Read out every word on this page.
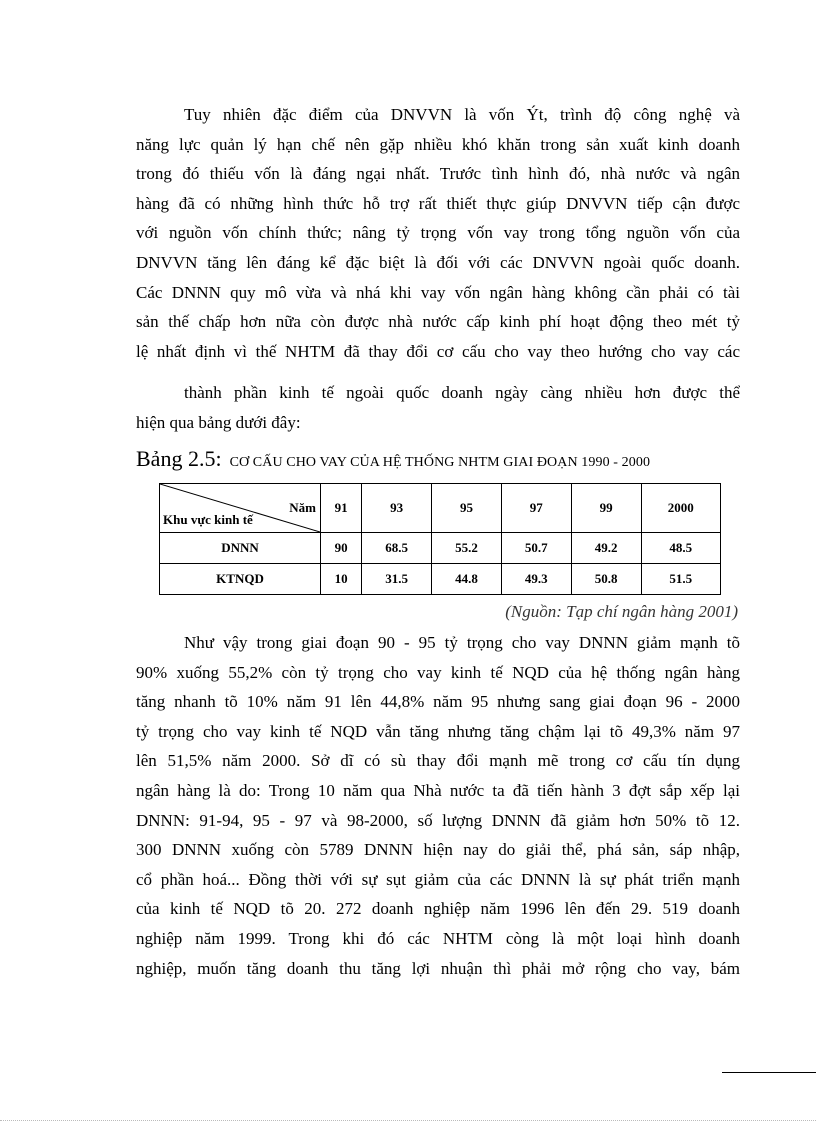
Tuy nhiên đặc điểm của DNVVN là vốn Ýt, trình độ công nghệ và
năng lực quản lý hạn chế nên gặp nhiều khó khăn trong sản xuất kinh doanh
trong đó thiếu vốn là đáng ngại nhất. Trước tình hình đó, nhà nước và ngân
hàng đã có những hình thức hỗ trợ rất thiết thực giúp DNVVN tiếp cận được
với nguồn vốn chính thức; nâng tỷ trọng vốn vay trong tổng nguồn vốn của
DNVVN tăng lên đáng kể đặc biệt là đối với các DNVVN ngoài quốc doanh.
Các DNNN quy mô vừa và nhá khi vay vốn ngân hàng không cần phải có tài
sản thế chấp hơn nữa còn được nhà nước cấp kinh phí hoạt động theo mét tỷ
lệ nhất định vì thế NHTM đã thay đổi cơ cấu cho vay theo hướng cho vay các
thành phần kinh tế ngoài quốc doanh ngày càng nhiều hơn được thể
hiện qua bảng dưới đây:
Bảng 2.5: CƠ CẤU CHO VAY CỦA HỆ THỐNG NHTM GIAI ĐOẠN 1990 - 2000
Năm
Khu vực kinh tế	91	93	95	97	99	2000
DNNN	90	68.5	55.2	50.7	49.2	48.5
KTNQD	10	31.5	44.8	49.3	50.8	51.5
(Nguồn: Tạp chí ngân hàng 2001)
Như vậy trong giai đoạn 90 - 95 tỷ trọng cho vay DNNN giảm mạnh tõ
90% xuống 55,2% còn tỷ trọng cho vay kinh tế NQD của hệ thống ngân hàng
tăng nhanh tõ 10% năm 91 lên 44,8% năm 95 nhưng sang giai đoạn 96 - 2000
tỷ trọng cho vay kinh tế NQD vẫn tăng nhưng tăng chậm lại tõ 49,3% năm 97
lên 51,5% năm 2000. Sở dĩ có sù thay đổi mạnh mẽ trong cơ cấu tín dụng
ngân hàng là do: Trong 10 năm qua Nhà nước ta đã tiến hành 3 đợt sắp xếp lại
DNNN: 91-94, 95 - 97 và 98-2000, số lượng DNNN đã giảm hơn 50% tõ 12.
300 DNNN xuống còn 5789 DNNN hiện nay do giải thể, phá sản, sáp nhập,
cổ phần hoá... Đồng thời với sự sụt giảm của các DNNN là sự phát triển mạnh
của kinh tế NQD tõ 20. 272 doanh nghiệp năm 1996 lên đến 29. 519 doanh
nghiệp năm 1999. Trong khi đó các NHTM còng là một loại hình doanh
nghiệp, muốn tăng doanh thu tăng lợi nhuận thì phải mở rộng cho vay, bám
